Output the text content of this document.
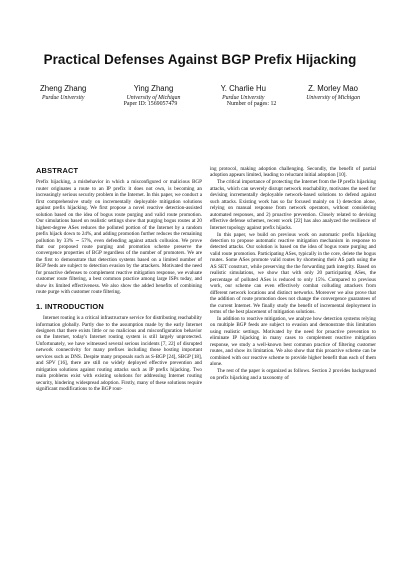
Practical Defenses Against BGP Prefix Hijacking
Zheng Zhang
Purdue University
Ying Zhang
University of Michigan
Y. Charlie Hu
Purdue University
Z. Morley Mao
University of Michigan
Paper ID: 1569057479	Number of pages: 12
ABSTRACT

Prefix hijacking, a misbehavior in which a misconfigured or malicious BGP router originates a route to an IP prefix it does not own, is becoming an increasingly serious security problem in the Internet. In this paper, we conduct a first comprehensive study on incrementally deployable mitigation solutions against prefix hijacking. We first propose a novel reactive detection-assisted solution based on the idea of bogus route purging and valid route promotion. Our simulations based on realistic settings show that purging bogus routes at 20 highest-degree ASes reduces the polluted portion of the Internet by a random prefix hijack down to 24%, and adding promotion further reduces the remaining pollution by 33% ∼ 57%, even defending against attack collusion. We prove that our proposed route purging and promotion scheme preserve the convergence properties of BGP regardless of the number of promoters. We are the first to demonstrate that detection systems based on a limited number of BGP feeds are subject to detection evasion by the attackers. Motivated the need for proactive defenses to complement reactive mitigation response, we evaluate customer route filtering, a best common practice among large ISPs today, and show its limited effectiveness. We also show the added benefits of combining route purge with customer route filtering.

1. INTRODUCTION

Internet routing is a critical infrastructure service for distributing reachability information globally. Partly due to the assumption made by the early Internet designers that there exists little or no malicious and misconfiguration behavior on the Internet, today's Internet routing system is still largely unprotected. Unfortunately, we have witnessed several serious incidents [7, 22] of disrupted network connectivity for many prefixes including those hosting important services such as DNS. Despite many proposals such as S-BGP [24], SBGP [18], and SPV [16], there are still no widely deployed effective prevention and mitigation solutions against routing attacks such as IP prefix hijacking. Two main problems exist with existing solutions for addressing Internet routing security, hindering widespread adoption. Firstly, many of these solutions require significant modifications to the BGP rout-

ing protocol, making adoption challenging. Secondly, the benefit of partial adoption appears limited, leading to reluctant initial adoption [10].

The critical importance of protecting the Internet from the IP prefix hijacking attacks, which can severely disrupt network reachability, motivates the need for devising incrementally deployable network-based solutions to defend against such attacks. Existing work has so far focused mainly on 1) detection alone, relying on manual response from network operators, without considering automated responses, and 2) proactive prevention. Closely related to devising effective defense schemes, recent work [22] has also analyzed the resilience of Internet topology against prefix hijacks.

In this paper, we build on previous work on automatic prefix hijacking detection to propose automatic reactive mitigation mechanism in response to detected attacks. Our solution is based on the idea of bogus route purging and valid route promotion. Participating ASes, typically in the core, delete the bogus routes. Some ASes promote valid routes by shortening their AS path using the AS SET construct, while preserving the the forwarding path integrity. Based on realistic simulations, we show that with only 20 participating ASes, the percentage of polluted ASes is reduced to only 15%. Compared to previous work, our scheme can even effectively combat colluding attackers from different network locations and distinct networks. Moreover we also prove that the addition of route promotion does not change the convergence guarantees of the current Internet. We finally study the benefit of incremental deployment in terms of the best placement of mitigation solutions.

In addition to reactive mitigation, we analyze how detection systems relying on multiple BGP feeds are subject to evasion and demonstrate this limitation using realistic settings. Motivated by the need for proactive prevention to eliminate IP hijacking in many cases to complement reactive mitigation response, we study a well-known best common practice of filtering customer routes, and show its limitation. We also show that this proactive scheme can be combined with our reactive scheme to provide higher benefit than each of them alone.

The rest of the paper is organized as follows. Section 2 provides background on prefix hijacking and a taxonomy of
